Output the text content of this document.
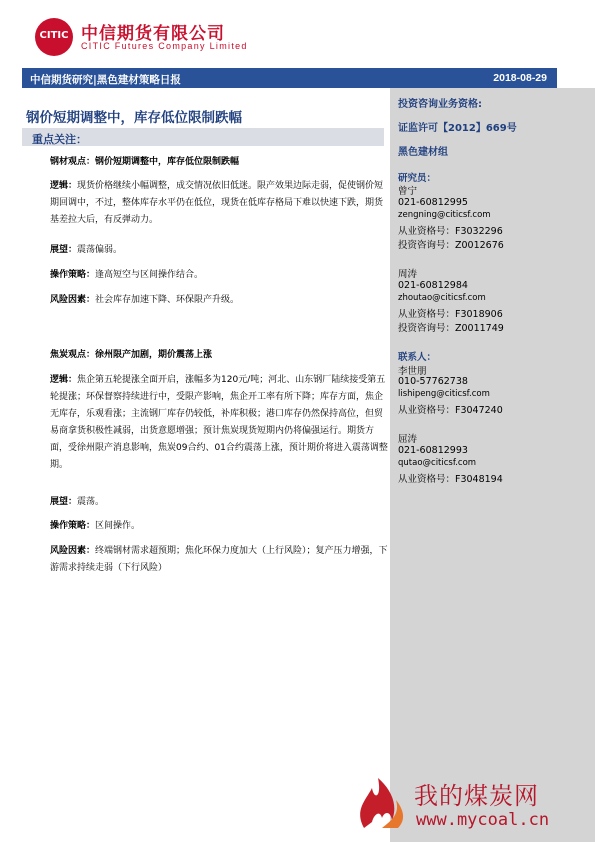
CITIC 中信期货有限公司
CITIC Futures Company Limited
中信期货研究|黑色建材策略日报	2018-08-29
钢价短期调整中，库存低位限制跌幅
重点关注：
钢材观点：钢价短期调整中，库存低位限制跌幅
逻辑：现货价格继续小幅调整，成交情况依旧低迷。限产效果边际走弱，促使钢价短期回调中，不过，整体库存水平仍在低位，现货在低库存格局下难以快速下跌，期货基差拉大后，有反弹动力。
展望：震荡偏弱。
操作策略：逢高短空与区间操作结合。
风险因素：社会库存加速下降、环保限产升级。
焦炭观点：徐州限产加剧，期价震荡上涨
逻辑：焦企第五轮提涨全面开启，涨幅多为120元/吨；河北、山东钢厂陆续接受第五轮提涨；环保督察持续进行中，受限产影响，焦企开工率有所下降；库存方面，焦企无库存，乐观看涨；主流钢厂库存仍较低，补库积极；港口库存仍然保持高位，但贸易商拿货积极性减弱，出货意愿增强；预计焦炭现货短期内仍将偏强运行。期货方面，受徐州限产消息影响，焦炭09合约、01合约震荡上涨，预计期价将进入震荡调整期。
展望：震荡。
操作策略：区间操作。
风险因素：终端钢材需求超预期；焦化环保力度加大（上行风险）；复产压力增强，下游需求持续走弱（下行风险）
投资咨询业务资格:
证监许可【2012】669号
黑色建材组
研究员：
曾宁
021-60812995
zengning@citicsf.com
从业资格号：F3032296
投资咨询号：Z0012676
周涛
021-60812984
zhoutao@citicsf.com
从业资格号：F3018906
投资咨询号：Z0011749
联系人：
李世朋
010-57762738
lishipeng@citicsf.com
从业资格号：F3047240
屈涛
021-60812993
qutao@citicsf.com
从业资格号：F3048194
我的煤炭网
www.mycoal.cn
